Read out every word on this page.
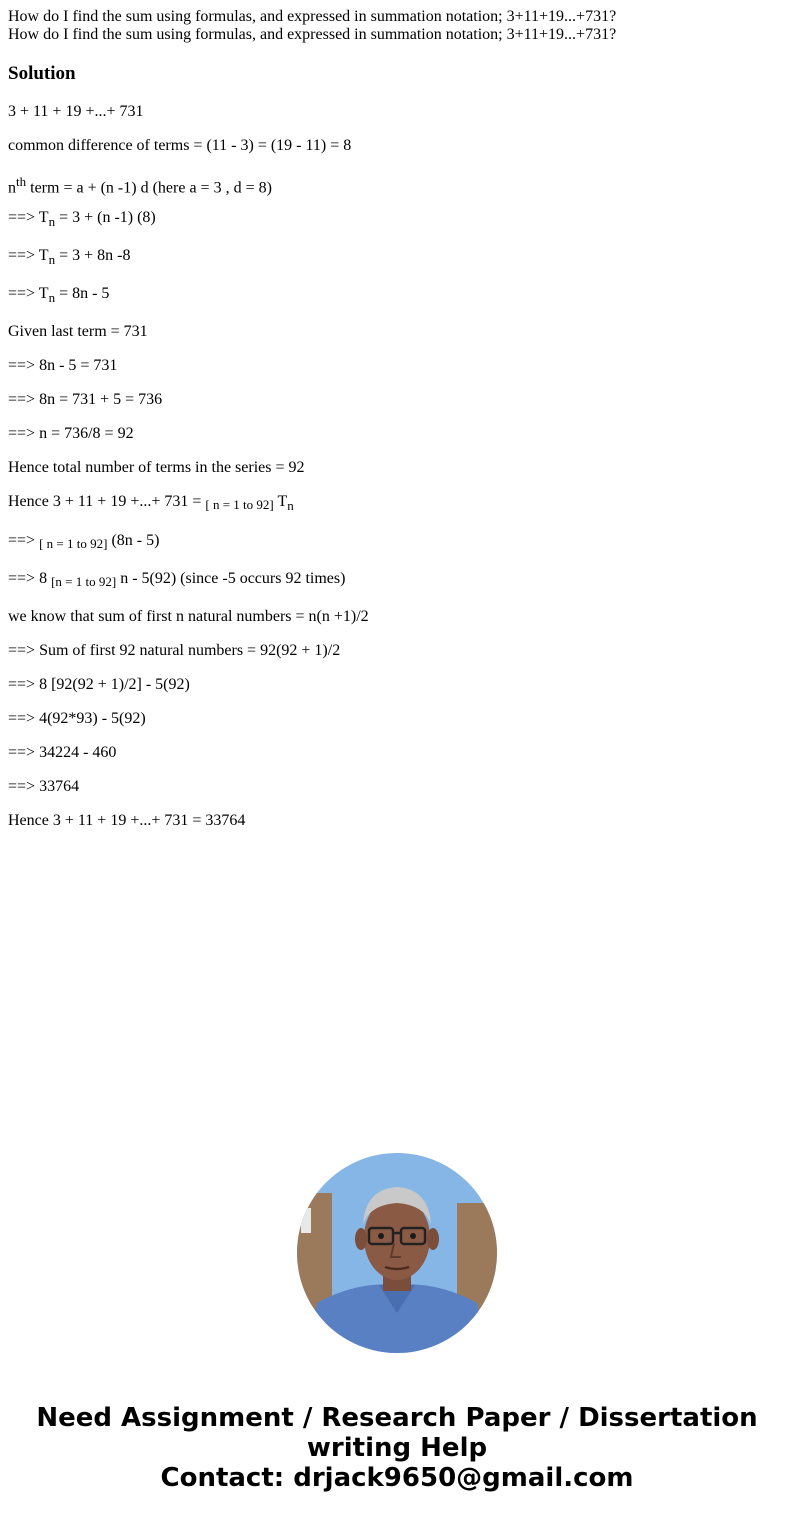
How do I find the sum using formulas, and expressed in summation notation; 3+11+19...+731?
How do I find the sum using formulas, and expressed in summation notation; 3+11+19...+731?
Solution
3 + 11 + 19 +...+ 731
common difference of terms = (11 - 3) = (19 - 11) = 8
$n^{th}$ term = a + (n -1) d (here a = 3 , d = 8)
==> $T_n = 3 + (n$ -1) (8)
==> $T_n = 3 + 8n$ -8
==> $T_n = 8n - 5$
Given last term = 731
==> 8n - 5 = 731
==> 8n = 731 + 5 = 736
==> n = 736/8 = 92
Hence total number of terms in the series = 92
Hence 3 + 11 + 19 +...+ 731 = [ n = 1 to 92] $T_n$
==> [ n = 1 to 92] (8n - 5)
==> 8 [n = 1 to 92] n - 5(92) (since -5 occurs 92 times)
we know that sum of first n natural numbers = n(n +1)/2
==> Sum of first 92 natural numbers = 92(92 + 1)/2
==> 8 [92(92 + 1)/2] - 5(92)
==> 4(92*93) - 5(92)
==> 34224 - 460
==> 33764
Hence 3 + 11 + 19 +...+ 731 = 33764
Need Assignment / Research Paper / Dissertation
writing Help
Contact: drjack9650@gmail.com
